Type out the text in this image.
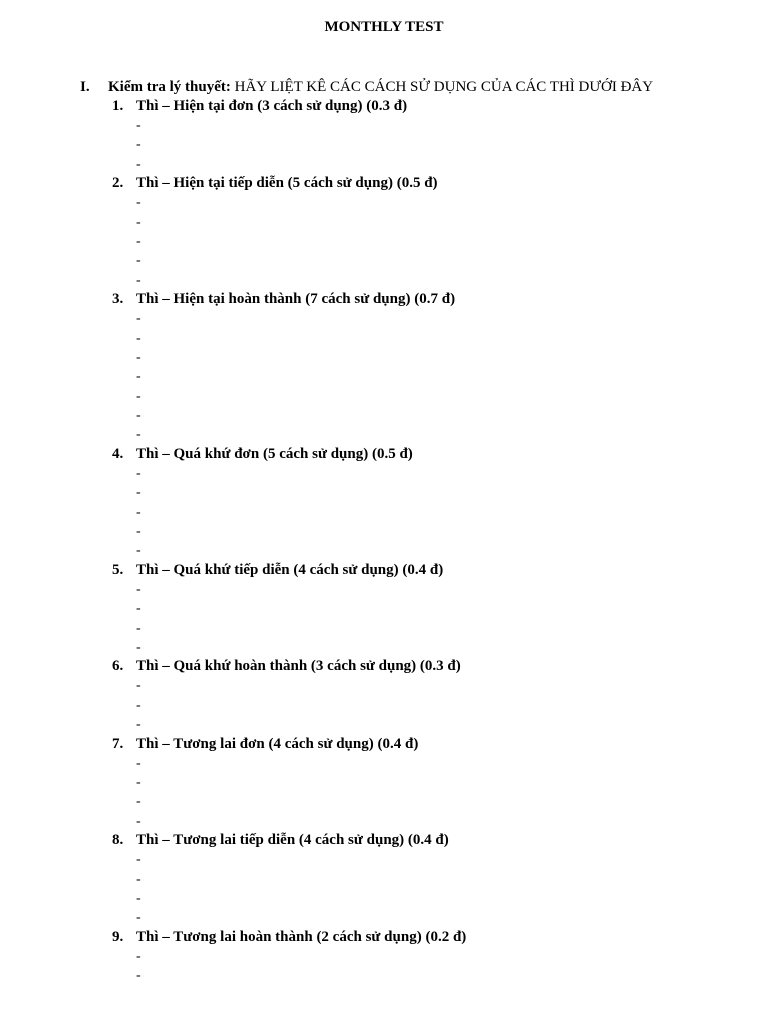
MONTHLY TEST
I. Kiểm tra lý thuyết: HÃY LIỆT KÊ CÁC CÁCH SỬ DỤNG CỦA CÁC THÌ DƯỚI ĐÂY
1. Thì – Hiện tại đơn (3 cách sử dụng) (0.3 đ)
-
-
-
2. Thì – Hiện tại tiếp diễn (5 cách sử dụng) (0.5 đ)
-
-
-
-
-
3. Thì – Hiện tại hoàn thành (7 cách sử dụng) (0.7 đ)
-
-
-
-
-
-
-
4. Thì – Quá khứ đơn (5 cách sử dụng) (0.5 đ)
-
-
-
-
-
5. Thì – Quá khứ tiếp diễn (4 cách sử dụng) (0.4 đ)
-
-
-
-
6. Thì – Quá khứ hoàn thành (3 cách sử dụng) (0.3 đ)
-
-
-
7. Thì – Tương lai đơn (4 cách sử dụng) (0.4 đ)
-
-
-
-
8. Thì – Tương lai tiếp diễn (4 cách sử dụng) (0.4 đ)
-
-
-
-
9. Thì – Tương lai hoàn thành (2 cách sử dụng) (0.2 đ)
-
-
